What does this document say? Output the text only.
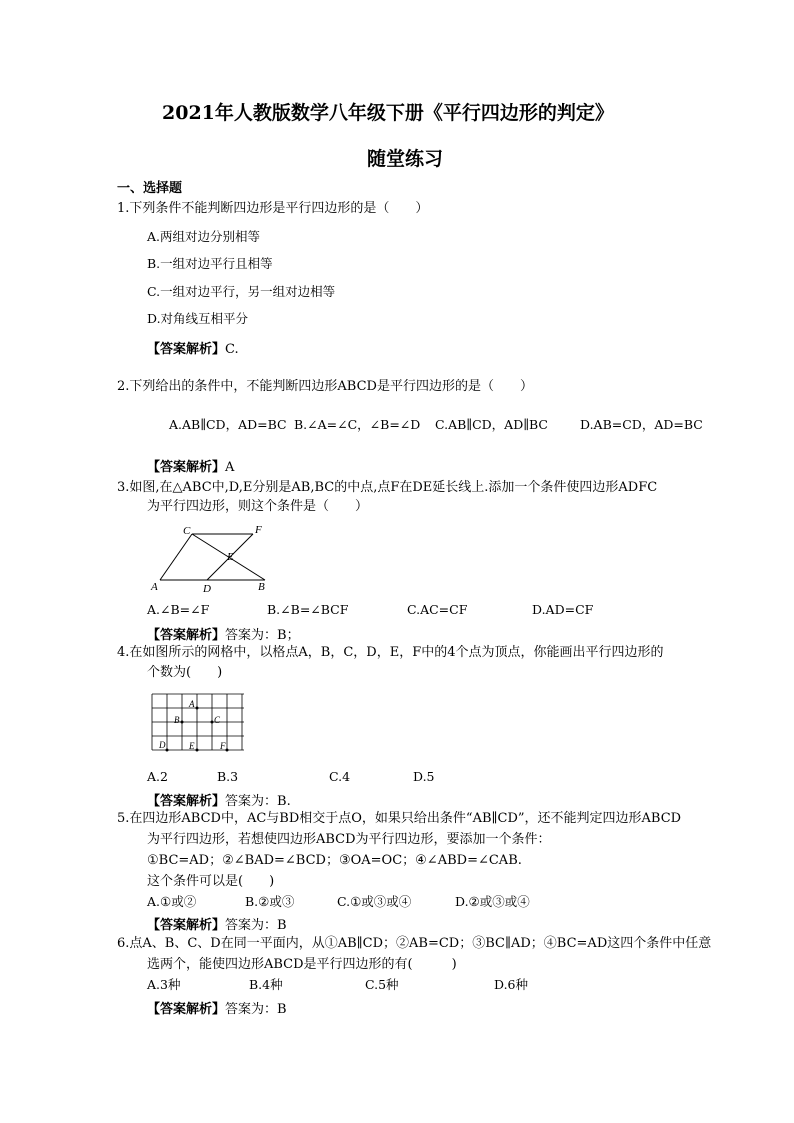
2021年人教版数学八年级下册《平行四边形的判定》
随堂练习
一、选择题
1.下列条件不能判断四边形是平行四边形的是（　　）
A.两组对边分别相等
B.一组对边平行且相等
C.一组对边平行，另一组对边相等
D.对角线互相平分
【答案解析】C.
2.下列给出的条件中，不能判断四边形ABCD是平行四边形的是（　　）
A.AB∥CD，AD=BC B.∠A=∠C，∠B=∠D C.AB∥CD，AD∥BC	D.AB=CD，AD=BC
【答案解析】A
3.如图,在△ABC中,D,E分别是AB,BC的中点,点F在DE延长线上.添加一个条件使四边形ADFC
为平行四边形，则这个条件是（　　）
C	F
E
A	D	B
A.∠B=∠F	B.∠B=∠BCF	C.AC=CF	D.AD=CF
【答案解析】答案为：B；
4.在如图所示的网格中，以格点A，B，C，D，E，F中的4个点为顶点，你能画出平行四边形的
个数为(　　)
A
B	C
D	E	F
A.2	B.3	C.4	D.5
【答案解析】答案为：B.
5.在四边形ABCD中，AC与BD相交于点O，如果只给出条件“AB∥CD”，还不能判定四边形ABCD
为平行四边形，若想使四边形ABCD为平行四边形，要添加一个条件：
①BC=AD；②∠BAD=∠BCD；③OA=OC；④∠ABD=∠CAB.
这个条件可以是(　　)
A.①或②	B.②或③	C.①或③或④	D.②或③或④
【答案解析】答案为：B
6.点A、B、C、D在同一平面内，从①AB∥CD；②AB=CD；③BC∥AD；④BC=AD这四个条件中任意
选两个，能使四边形ABCD是平行四边形的有(　　　)
A.3种	B.4种	C.5种	D.6种
【答案解析】答案为：B
